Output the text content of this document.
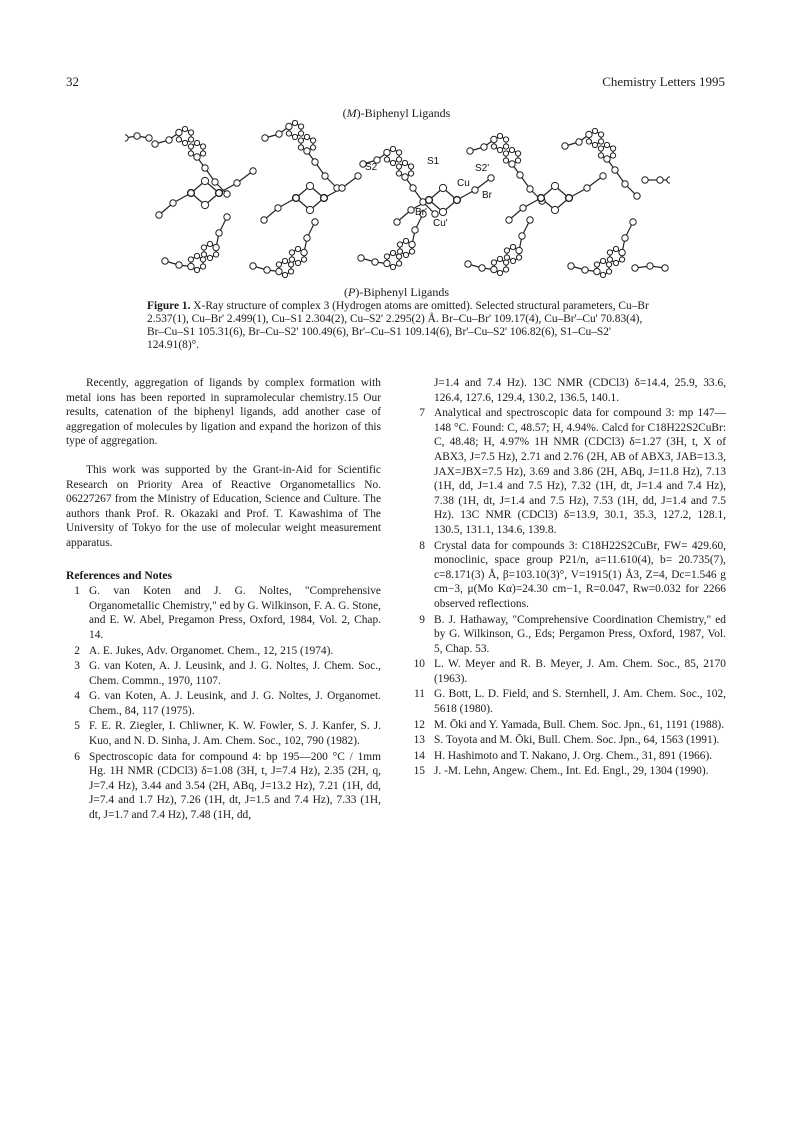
32	Chemistry Letters 1995
(M)-Biphenyl Ligands
S2
S1
S2'
Cu
Br
Br'
Cu'
(P)-Biphenyl Ligands
Figure 1. X-Ray structure of complex 3 (Hydrogen atoms are omitted). Selected structural parameters, Cu–Br 2.537(1), Cu–Br' 2.499(1), Cu–S1 2.304(2), Cu–S2' 2.295(2) Å. Br–Cu–Br' 109.17(4), Cu–Br'–Cu' 70.83(4), Br–Cu–S1 105.31(6), Br–Cu–S2' 100.49(6), Br'–Cu–S1 109.14(6), Br'–Cu–S2' 106.82(6), S1–Cu–S2' 124.91(8)°.

Recently, aggregation of ligands by complex formation with metal ions has been reported in supramolecular chemistry.15 Our results, catenation of the biphenyl ligands, add another case of aggregation of molecules by ligation and expand the horizon of this type of aggregation.

This work was supported by the Grant-in-Aid for Scientific Research on Priority Area of Reactive Organometallics No. 06227267 from the Ministry of Education, Science and Culture. The authors thank Prof. R. Okazaki and Prof. T. Kawashima of The University of Tokyo for the use of molecular weight measurement apparatus.

References and Notes
1 G. van Koten and J. G. Noltes, "Comprehensive Organometallic Chemistry," ed by G. Wilkinson, F. A. G. Stone, and E. W. Abel, Pregamon Press, Oxford, 1984, Vol. 2, Chap. 14.
2 A. E. Jukes, Adv. Organomet. Chem., 12, 215 (1974).
3 G. van Koten, A. J. Leusink, and J. G. Noltes, J. Chem. Soc., Chem. Commn., 1970, 1107.
4 G. van Koten, A. J. Leusink, and J. G. Noltes, J. Organomet. Chem., 84, 117 (1975).
5 F. E. R. Ziegler, I. Chliwner, K. W. Fowler, S. J. Kanfer, S. J. Kuo, and N. D. Sinha, J. Am. Chem. Soc., 102, 790 (1982).
6 Spectroscopic data for compound 4: bp 195—200 °C / 1mm Hg. 1H NMR (CDCl3) δ=1.08 (3H, t, J=7.4 Hz), 2.35 (2H, q, J=7.4 Hz), 3.44 and 3.54 (2H, ABq, J=13.2 Hz), 7.21 (1H, dd, J=7.4 and 1.7 Hz), 7.26 (1H, dt, J=1.5 and 7.4 Hz), 7.33 (1H, dt, J=1.7 and 7.4 Hz), 7.48 (1H, dd,
J=1.4 and 7.4 Hz). 13C NMR (CDCl3) δ=14.4, 25.9, 33.6, 126.4, 127.6, 129.4, 130.2, 136.5, 140.1.
7 Analytical and spectroscopic data for compound 3: mp 147—148 °C. Found: C, 48.57; H, 4.94%. Calcd for C18H22S2CuBr: C, 48.48; H, 4.97% 1H NMR (CDCl3) δ=1.27 (3H, t, X of ABX3, J=7.5 Hz), 2.71 and 2.76 (2H, AB of ABX3, JAB=13.3, JAX=JBX=7.5 Hz), 3.69 and 3.86 (2H, ABq, J=11.8 Hz), 7.13 (1H, dd, J=1.4 and 7.5 Hz), 7.32 (1H, dt, J=1.4 and 7.4 Hz), 7.38 (1H, dt, J=1.4 and 7.5 Hz), 7.53 (1H, dd, J=1.4 and 7.5 Hz). 13C NMR (CDCl3) δ=13.9, 30.1, 35.3, 127.2, 128.1, 130.5, 131.1, 134.6, 139.8.
8 Crystal data for compounds 3: C18H22S2CuBr, FW= 429.60, monoclinic, space group P21/n, a=11.610(4), b= 20.735(7), c=8.171(3) Å, β=103.10(3)°, V=1915(1) Å3, Z=4, Dc=1.546 g cm−3, μ(Mo Kα)=24.30 cm−1, R=0.047, Rw=0.032 for 2266 observed reflections.
9 B. J. Hathaway, "Comprehensive Coordination Chemistry," ed by G. Wilkinson, G., Eds; Pergamon Press, Oxford, 1987, Vol. 5, Chap. 53.
10 L. W. Meyer and R. B. Meyer, J. Am. Chem. Soc., 85, 2170 (1963).
11 G. Bott, L. D. Field, and S. Sternhell, J. Am. Chem. Soc., 102, 5618 (1980).
12 M. Ōki and Y. Yamada, Bull. Chem. Soc. Jpn., 61, 1191 (1988).
13 S. Toyota and M. Ōki, Bull. Chem. Soc. Jpn., 64, 1563 (1991).
14 H. Hashimoto and T. Nakano, J. Org. Chem., 31, 891 (1966).
15 J. -M. Lehn, Angew. Chem., Int. Ed. Engl., 29, 1304 (1990).
